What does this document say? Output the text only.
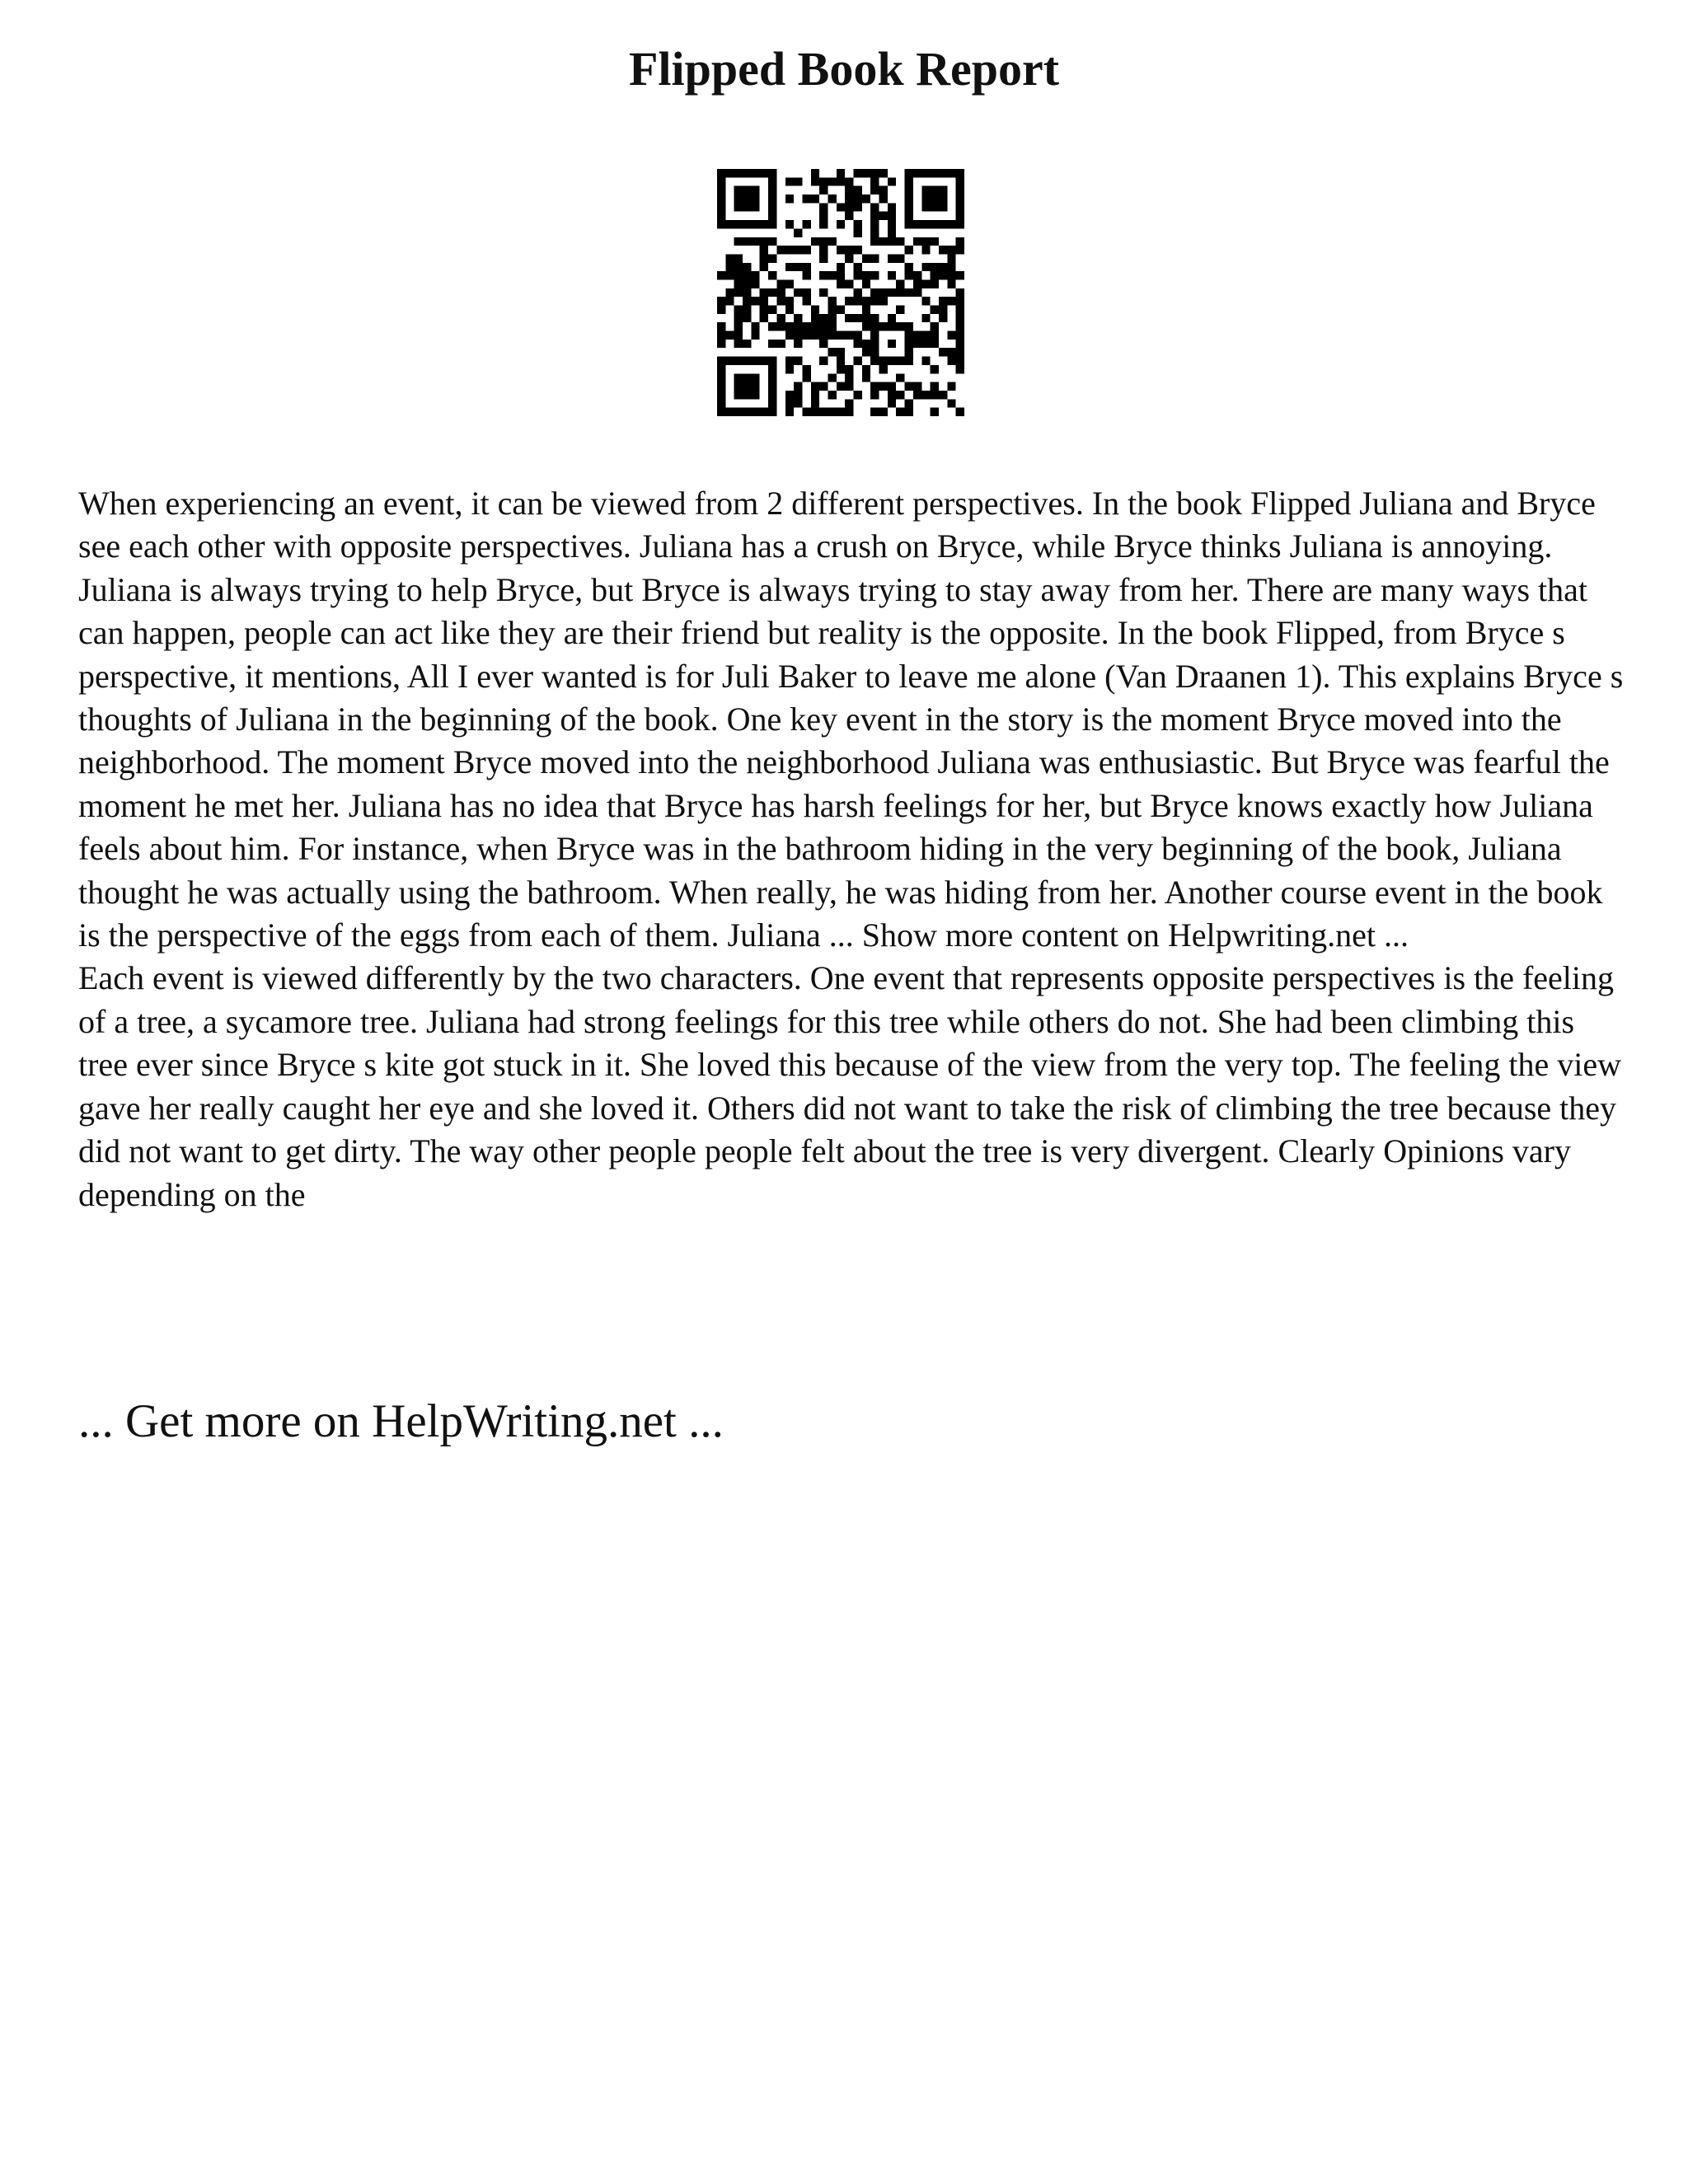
Flipped Book Report

When experiencing an event, it can be viewed from 2 different perspectives. In the book Flipped Juliana and Bryce see each other with opposite perspectives. Juliana has a crush on Bryce, while Bryce thinks Juliana is annoying. Juliana is always trying to help Bryce, but Bryce is always trying to stay away from her. There are many ways that can happen, people can act like they are their friend but reality is the opposite. In the book Flipped, from Bryce s perspective, it mentions, All I ever wanted is for Juli Baker to leave me alone (Van Draanen 1). This explains Bryce s thoughts of Juliana in the beginning of the book. One key event in the story is the moment Bryce moved into the neighborhood. The moment Bryce moved into the neighborhood Juliana was enthusiastic. But Bryce was fearful the moment he met her. Juliana has no idea that Bryce has harsh feelings for her, but Bryce knows exactly how Juliana feels about him. For instance, when Bryce was in the bathroom hiding in the very beginning of the book, Juliana thought he was actually using the bathroom. When really, he was hiding from her. Another course event in the book is the perspective of the eggs from each of them. Juliana ... Show more content on Helpwriting.net ...

Each event is viewed differently by the two characters. One event that represents opposite perspectives is the feeling of a tree, a sycamore tree. Juliana had strong feelings for this tree while others do not. She had been climbing this tree ever since Bryce s kite got stuck in it. She loved this because of the view from the very top. The feeling the view gave her really caught her eye and she loved it. Others did not want to take the risk of climbing the tree because they did not want to get dirty. The way other people people felt about the tree is very divergent. Clearly Opinions vary depending on the

... Get more on HelpWriting.net ...
